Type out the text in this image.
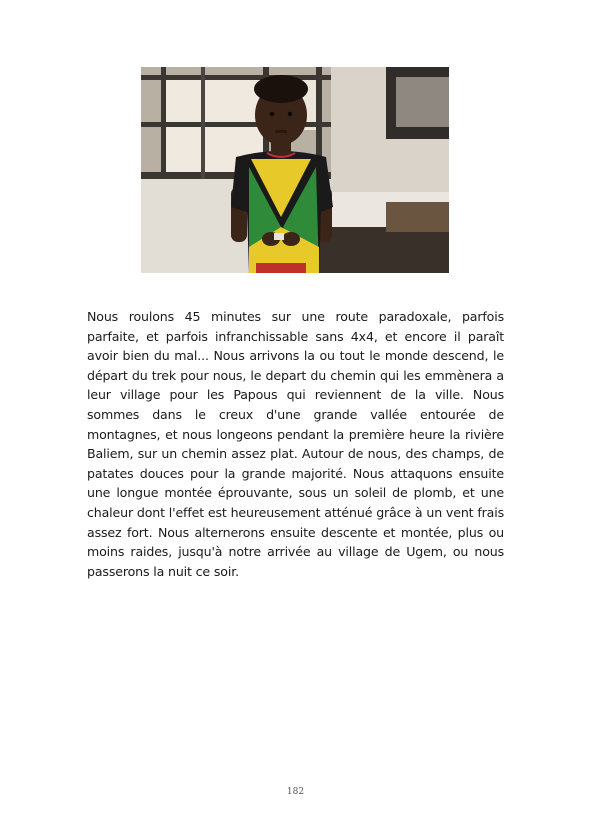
Nous roulons 45 minutes sur une route paradoxale, parfois parfaite, et parfois infranchissable sans 4x4, et encore il paraît avoir bien du mal... Nous arrivons la ou tout le monde descend, le départ du trek pour nous, le depart du chemin qui les emmènera a leur village pour les Papous qui reviennent de la ville. Nous sommes dans le creux d'une grande vallée entourée de montagnes, et nous longeons pendant la première heure la rivière Baliem, sur un chemin assez plat. Autour de nous, des champs, de patates douces pour la grande majorité. Nous attaquons ensuite une longue montée éprouvante, sous un soleil de plomb, et une chaleur dont l'effet est heureusement atténué grâce à un vent frais assez fort. Nous alternerons ensuite descente et montée, plus ou moins raides, jusqu'à notre arrivée au village de Ugem, ou nous passerons la nuit ce soir.

182
